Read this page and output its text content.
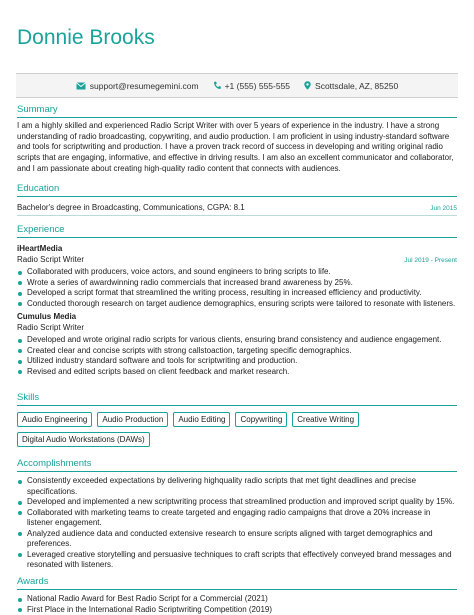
Donnie Brooks
support@resumegemini.com	+1 (555) 555-555	Scottsdale, AZ, 85250
Summary
I am a highly skilled and experienced Radio Script Writer with over 5 years of experience in the industry. I have a strong understanding of radio broadcasting, copywriting, and audio production. I am proficient in using industry-standard software and tools for scriptwriting and production. I have a proven track record of success in developing and writing original radio scripts that are engaging, informative, and effective in driving results. I am also an excellent communicator and collaborator, and I am passionate about creating high-quality radio content that connects with audiences.
Education
Bachelor's degree in Broadcasting, Communications, CGPA: 8.1	Jun 2015
Experience
iHeartMedia
Radio Script Writer	Jul 2019 - Present
Collaborated with producers, voice actors, and sound engineers to bring scripts to life.
Wrote a series of awardwinning radio commercials that increased brand awareness by 25%.
Developed a script format that streamlined the writing process, resulting in increased efficiency and productivity.
Conducted thorough research on target audience demographics, ensuring scripts were tailored to resonate with listeners.
Cumulus Media
Radio Script Writer
Developed and wrote original radio scripts for various clients, ensuring brand consistency and audience engagement.
Created clear and concise scripts with strong callstoaction, targeting specific demographics.
Utilized industry standard software and tools for scriptwriting and production.
Revised and edited scripts based on client feedback and market research.
Skills
Audio Engineering	Audio Production	Audio Editing	Copywriting	Creative Writing
Digital Audio Workstations (DAWs)
Accomplishments
Consistently exceeded expectations by delivering highquality radio scripts that met tight deadlines and precise specifications.
Developed and implemented a new scriptwriting process that streamlined production and improved script quality by 15%.
Collaborated with marketing teams to create targeted and engaging radio campaigns that drove a 20% increase in listener engagement.
Analyzed audience data and conducted extensive research to ensure scripts aligned with target demographics and preferences.
Leveraged creative storytelling and persuasive techniques to craft scripts that effectively conveyed brand messages and resonated with listeners.
Awards
National Radio Award for Best Radio Script for a Commercial (2021)
First Place in the International Radio Scriptwriting Competition (2019)
